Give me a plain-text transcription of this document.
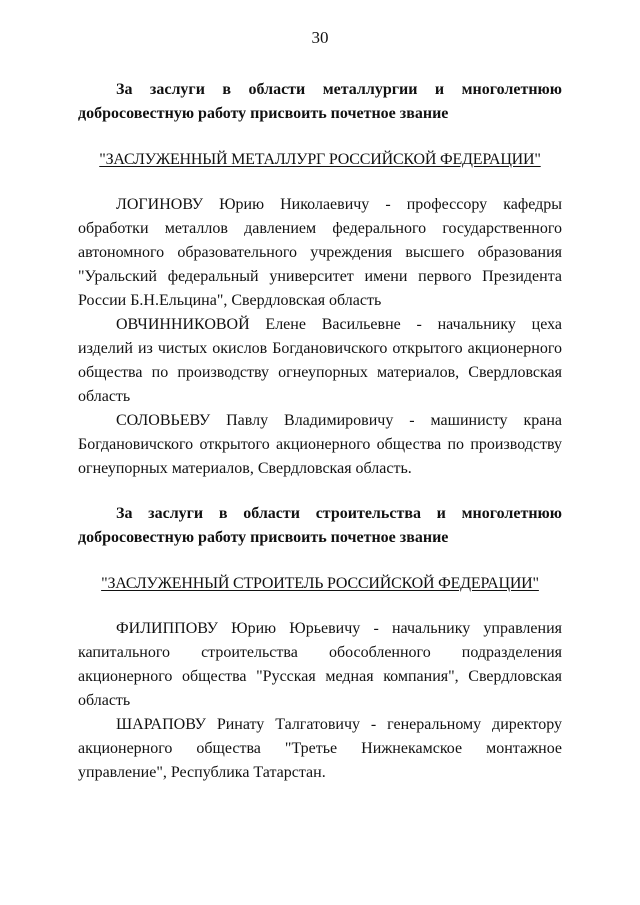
30

За заслуги в области металлургии и многолетнюю добросовестную работу присвоить почетное звание

"ЗАСЛУЖЕННЫЙ МЕТАЛЛУРГ РОССИЙСКОЙ ФЕДЕРАЦИИ"

ЛОГИНОВУ Юрию Николаевичу - профессору кафедры обработки металлов давлением федерального государственного автономного образовательного учреждения высшего образования "Уральский федеральный университет имени первого Президента России Б.Н.Ельцина", Свердловская область

ОВЧИННИКОВОЙ Елене Васильевне - начальнику цеха изделий из чистых окислов Богдановичского открытого акционерного общества по производству огнеупорных материалов, Свердловская область

СОЛОВЬЕВУ Павлу Владимировичу - машинисту крана Богдановичского открытого акционерного общества по производству огнеупорных материалов, Свердловская область.

За заслуги в области строительства и многолетнюю добросовестную работу присвоить почетное звание

"ЗАСЛУЖЕННЫЙ СТРОИТЕЛЬ РОССИЙСКОЙ ФЕДЕРАЦИИ"

ФИЛИППОВУ Юрию Юрьевичу - начальнику управления капитального строительства обособленного подразделения акционерного общества "Русская медная компания", Свердловская область

ШАРАПОВУ Ринату Талгатовичу - генеральному директору акционерного общества "Третье Нижнекамское монтажное управление", Республика Татарстан.
